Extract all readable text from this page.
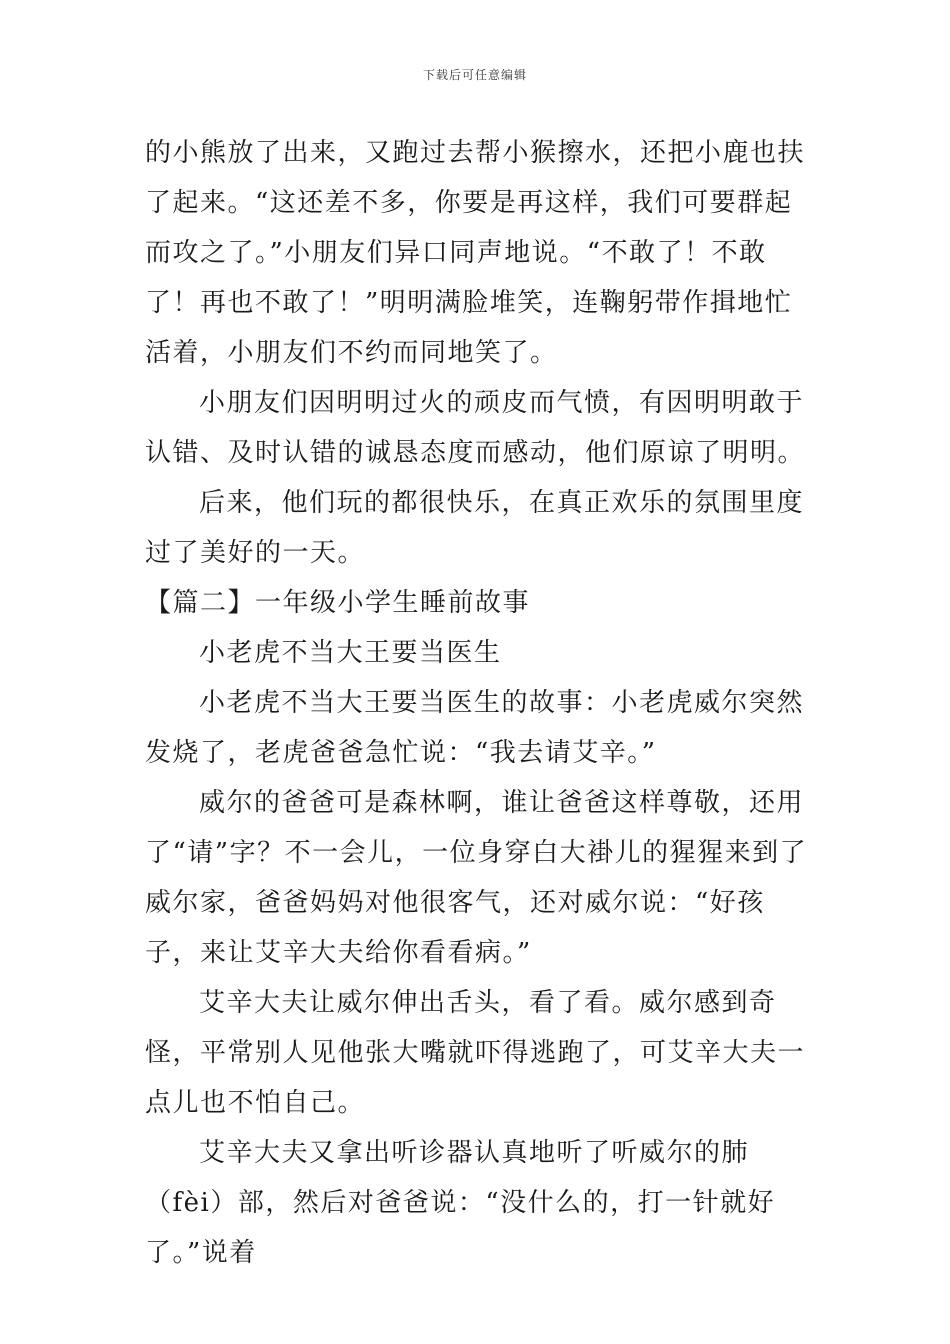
下载后可任意编辑

的小熊放了出来，又跑过去帮小猴擦水，还把小鹿也扶了起来。“这还差不多，你要是再这样，我们可要群起而攻之了。”小朋友们异口同声地说。“不敢了！不敢了！再也不敢了！”明明满脸堆笑，连鞠躬带作揖地忙活着，小朋友们不约而同地笑了。

小朋友们因明明过火的顽皮而气愤，有因明明敢于认错、及时认错的诚恳态度而感动，他们原谅了明明。

后来，他们玩的都很快乐，在真正欢乐的氛围里度过了美好的一天。

【篇二】一年级小学生睡前故事

小老虎不当大王要当医生

小老虎不当大王要当医生的故事：小老虎威尔突然发烧了，老虎爸爸急忙说：“我去请艾辛。”

威尔的爸爸可是森林啊，谁让爸爸这样尊敬，还用了“请”字？不一会儿，一位身穿白大褂儿的猩猩来到了威尔家，爸爸妈妈对他很客气，还对威尔说：“好孩子，来让艾辛大夫给你看看病。”

艾辛大夫让威尔伸出舌头，看了看。威尔感到奇怪，平常别人见他张大嘴就吓得逃跑了，可艾辛大夫一点儿也不怕自己。

艾辛大夫又拿出听诊器认真地听了听威尔的肺（fèi）部，然后对爸爸说：“没什么的，打一针就好了。”说着
